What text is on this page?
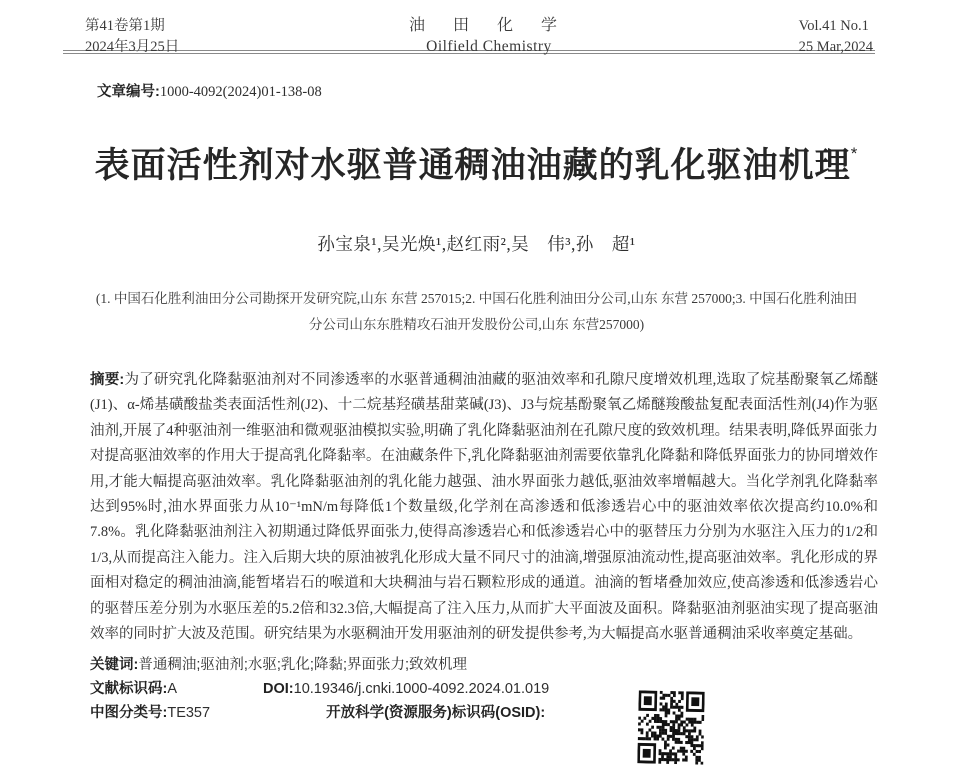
第41卷第1期
2024年3月25日
油 田 化 学
Oilfield Chemistry
Vol.41 No.1
25 Mar,2024
文章编号:1000-4092(2024)01-138-08
表面活性剂对水驱普通稠油油藏的乳化驱油机理*
孙宝泉¹,吴光焕¹,赵红雨²,吴　伟³,孙　超¹
(1. 中国石化胜利油田分公司勘探开发研究院,山东 东营 257015;2. 中国石化胜利油田分公司,山东 东营 257000;3. 中国石化胜利油田
分公司山东东胜精攻石油开发股份公司,山东 东营257000)

摘要:为了研究乳化降黏驱油剂对不同渗透率的水驱普通稠油油藏的驱油效率和孔隙尺度增效机理,选取了烷基酚聚氧乙烯醚(J1)、α-烯基磺酸盐类表面活性剂(J2)、十二烷基羟磺基甜菜碱(J3)、J3与烷基酚聚氧乙烯醚羧酸盐复配表面活性剂(J4)作为驱油剂,开展了4种驱油剂一维驱油和微观驱油模拟实验,明确了乳化降黏驱油剂在孔隙尺度的致效机理。结果表明,降低界面张力对提高驱油效率的作用大于提高乳化降黏率。在油藏条件下,乳化降黏驱油剂需要依靠乳化降黏和降低界面张力的协同增效作用,才能大幅提高驱油效率。乳化降黏驱油剂的乳化能力越强、油水界面张力越低,驱油效率增幅越大。当化学剂乳化降黏率达到95%时,油水界面张力从10⁻¹mN/m每降低1个数量级,化学剂在高渗透和低渗透岩心中的驱油效率依次提高约10.0%和7.8%。乳化降黏驱油剂注入初期通过降低界面张力,使得高渗透岩心和低渗透岩心中的驱替压力分别为水驱注入压力的1/2和1/3,从而提高注入能力。注入后期大块的原油被乳化形成大量不同尺寸的油滴,增强原油流动性,提高驱油效率。乳化形成的界面相对稳定的稠油油滴,能暂堵岩石的喉道和大块稠油与岩石颗粒形成的通道。油滴的暂堵叠加效应,使高渗透和低渗透岩心的驱替压差分别为水驱压差的5.2倍和32.3倍,大幅提高了注入压力,从而扩大平面波及面积。降黏驱油剂驱油实现了提高驱油效率的同时扩大波及范围。研究结果为水驱稠油开发用驱油剂的研发提供参考,为大幅提高水驱普通稠油采收率奠定基础。

关键词:普通稠油;驱油剂;水驱;乳化;降黏;界面张力;致效机理
文献标识码:A	DOI:10.19346/j.cnki.1000-4092.2024.01.019
中图分类号:TE357	开放科学(资源服务)标识码(OSID):
